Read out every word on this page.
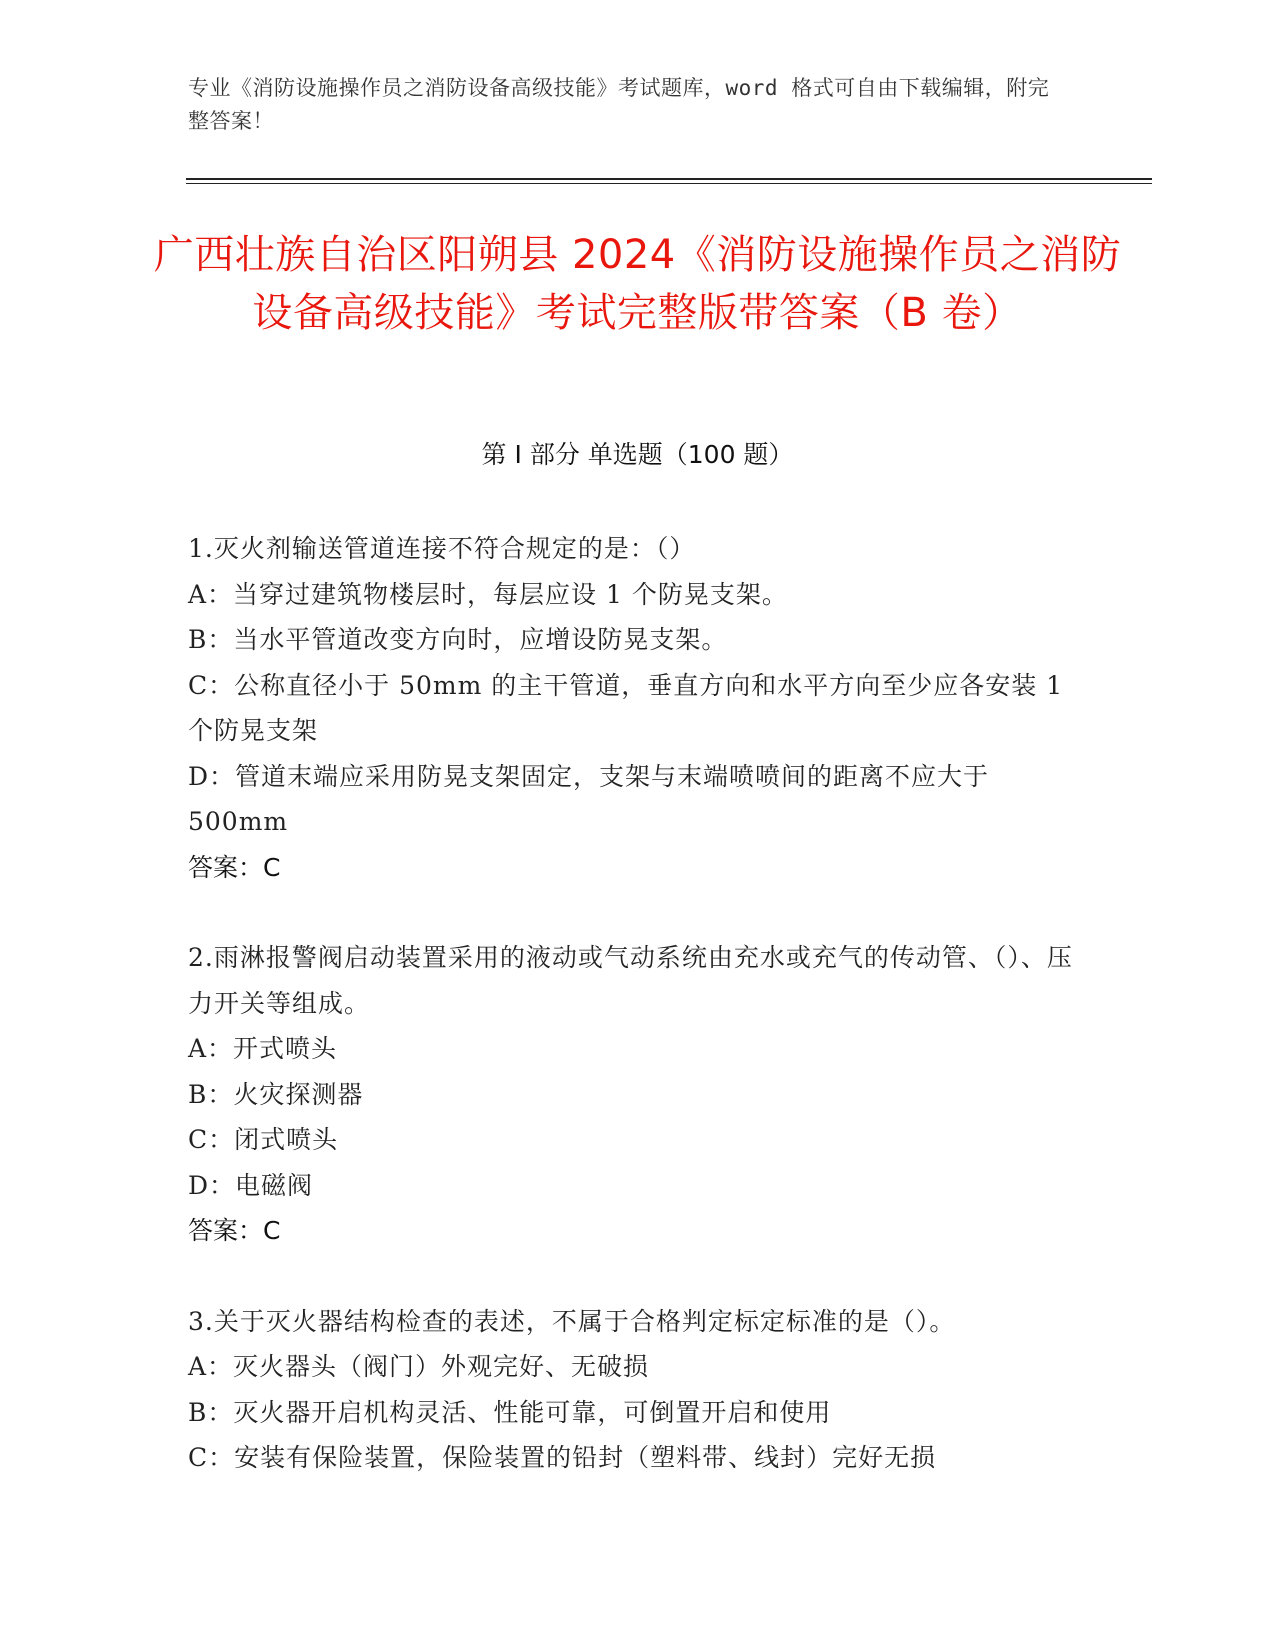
专业《消防设施操作员之消防设备高级技能》考试题库，word 格式可自由下载编辑，附完整答案！
广西壮族自治区阳朔县 2024《消防设施操作员之消防设备高级技能》考试完整版带答案（B 卷）
第 I 部分 单选题（100 题）

1.灭火剂输送管道连接不符合规定的是：（）

A：当穿过建筑物楼层时，每层应设 1 个防晃支架。

B：当水平管道改变方向时，应增设防晃支架。

C：公称直径小于 50mm 的主干管道，垂直方向和水平方向至少应各安装 1 个防晃支架

D：管道末端应采用防晃支架固定，支架与末端喷喷间的距离不应大于 500mm

答案：C

2.雨淋报警阀启动装置采用的液动或气动系统由充水或充气的传动管、（）、压力开关等组成。

A：开式喷头

B：火灾探测器

C：闭式喷头

D：电磁阀

答案：C

3.关于灭火器结构检查的表述，不属于合格判定标定标准的是（）。

A：灭火器头（阀门）外观完好、无破损

B：灭火器开启机构灵活、性能可靠，可倒置开启和使用

C：安装有保险装置，保险装置的铅封（塑料带、线封）完好无损
